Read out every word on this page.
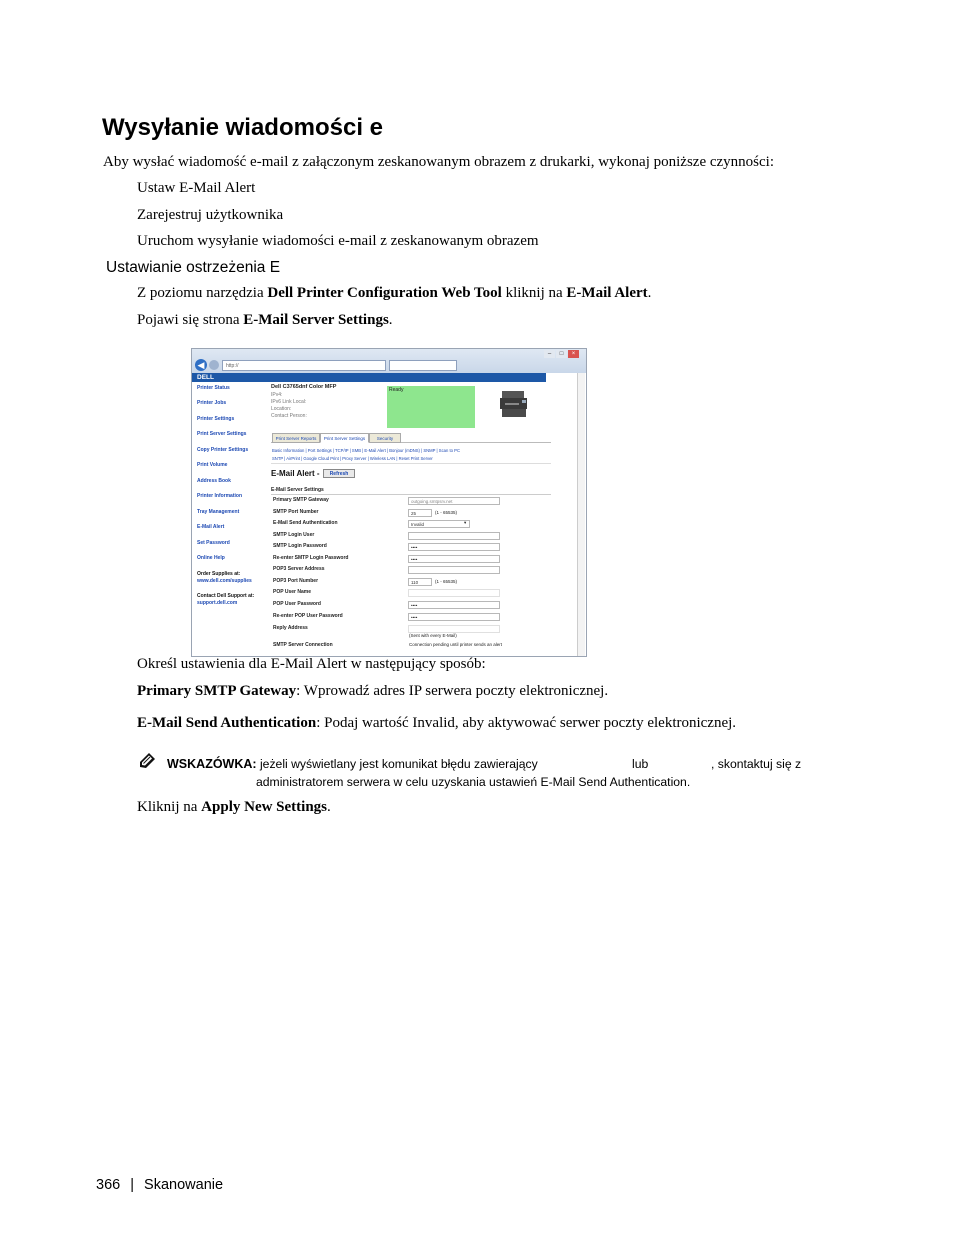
Wysyłanie wiadomości e
Aby wysłać wiadomość e-mail z załączonym zeskanowanym obrazem z drukarki, wykonaj poniższe czynności:
Ustaw E-Mail Alert
Zarejestruj użytkownika
Uruchom wysyłanie wiadomości e-mail z zeskanowanym obrazem
Ustawianie ostrzeżenia E
Z poziomu narzędzia Dell Printer Configuration Web Tool kliknij na E-Mail Alert.
Pojawi się strona E-Mail Server Settings.
–	□	×
◀	http://
DELL
Printer Status
Printer Jobs
Printer Settings
Print Server Settings
Copy Printer Settings
Print Volume
Address Book
Printer Information
Tray Management
E-Mail Alert
Set Password
Online Help
Order Supplies at:
www.dell.com/supplies
Contact Dell Support at:
support.dell.com
Dell C3765dnf Color MFP
IPv4:
IPv6 Link Local:
Location:
Contact Person:
Ready
Print Server Reports	Print Server Settings	Security
Basic Information | Port Settings | TCP/IP | SMB | E-Mail Alert | Bonjour (mDNS) | SNMP | Scan to PC
SNTP | AirPrint | Google Cloud Print | Proxy Server | Wireless LAN | Reset Print Server
E-Mail Alert -	Refresh
E-Mail Server Settings
Primary SMTP Gateway	outgoing.smtpsrv.net
SMTP Port Number	25	(1 - 65535)
E-Mail Send Authentication	Invalid	▾
SMTP Login User
SMTP Login Password	••••
Re-enter SMTP Login Password	••••
POP3 Server Address
POP3 Port Number	110	(1 - 65535)
POP User Name
POP User Password	••••
Re-enter POP User Password	••••
Reply Address
(Sent with every E-Mail)
SMTP Server Connection	Connection pending until printer sends an alert
Określ ustawienia dla E-Mail Alert w następujący sposób:
Primary SMTP Gateway: Wprowadź adres IP serwera poczty elektronicznej.
E-Mail Send Authentication: Podaj wartość Invalid, aby aktywować serwer poczty elektronicznej.
WSKAZÓWKA: jeżeli wyświetlany jest komunikat błędu zawierający	lub	, skontaktuj się z
administratorem serwera w celu uzyskania ustawień E-Mail Send Authentication.
Kliknij na Apply New Settings.
366 | Skanowanie
